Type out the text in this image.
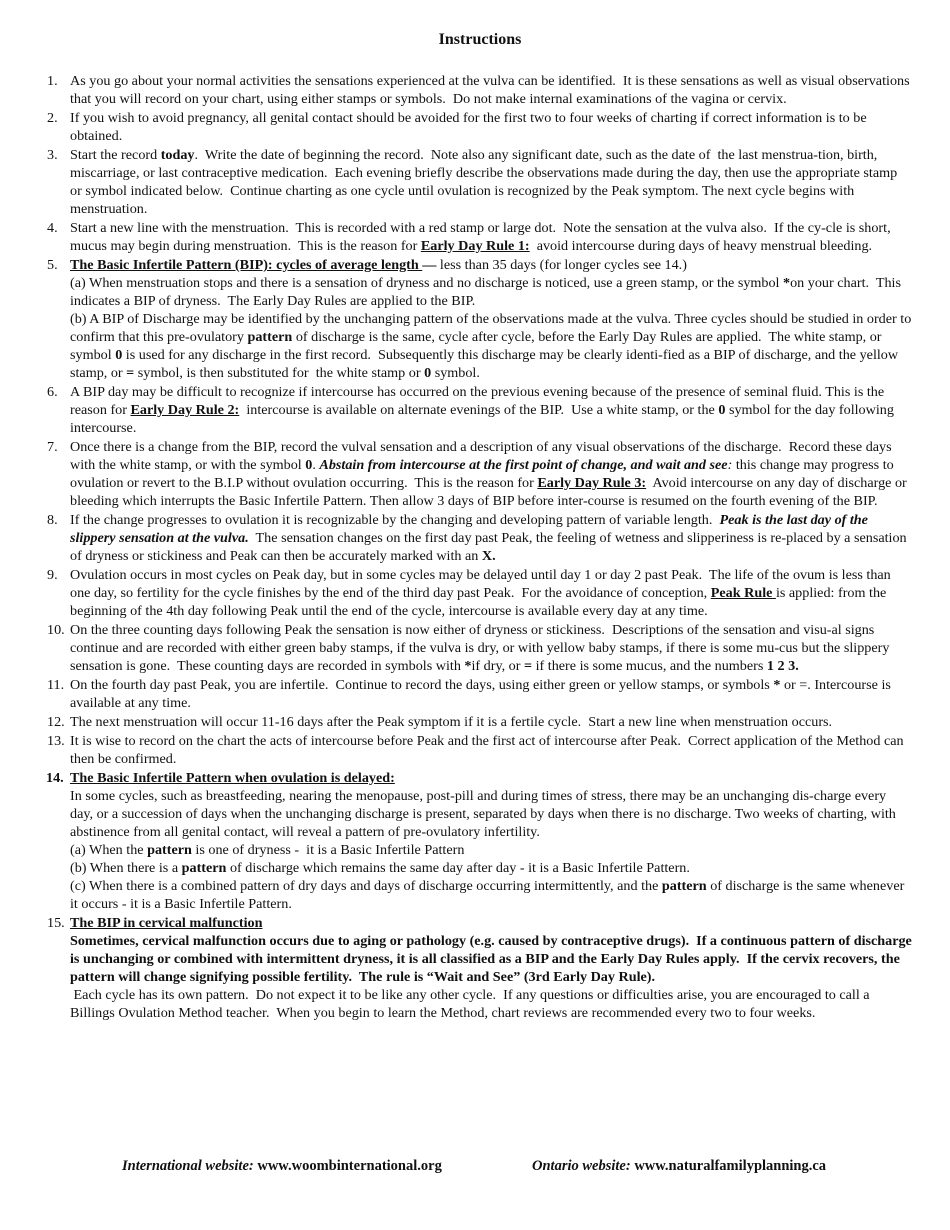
Instructions
1. As you go about your normal activities the sensations experienced at the vulva can be identified.  It is these sensations as well as visual observations that you will record on your chart, using either stamps or symbols.  Do not make internal examinations of the vagina or cervix.
2. If you wish to avoid pregnancy, all genital contact should be avoided for the first two to four weeks of charting if correct information is to be obtained.
3. Start the record today.  Write the date of beginning the record.  Note also any significant date, such as the date of  the last menstrua-tion, birth, miscarriage, or last contraceptive medication.  Each evening briefly describe the observations made during the day, then use the appropriate stamp or symbol indicated below.  Continue charting as one cycle until ovulation is recognized by the Peak symptom. The next cycle begins with menstruation.
4. Start a new line with the menstruation.  This is recorded with a red stamp or large dot.  Note the sensation at the vulva also.  If the cy-cle is short, mucus may begin during menstruation.  This is the reason for Early Day Rule 1:  avoid intercourse during days of heavy menstrual bleeding.
5. The Basic Infertile Pattern (BIP): cycles of average length — less than 35 days (for longer cycles see 14.)
(a) When menstruation stops and there is a sensation of dryness and no discharge is noticed, use a green stamp, or the symbol *on your chart.  This indicates a BIP of dryness.  The Early Day Rules are applied to the BIP.
(b) A BIP of Discharge may be identified by the unchanging pattern of the observations made at the vulva. Three cycles should be studied in order to confirm that this pre-ovulatory pattern of discharge is the same, cycle after cycle, before the Early Day Rules are applied.  The white stamp, or symbol 0 is used for any discharge in the first record.  Subsequently this discharge may be clearly identi-fied as a BIP of discharge, and the yellow stamp, or = symbol, is then substituted for  the white stamp or 0 symbol.
6. A BIP day may be difficult to recognize if intercourse has occurred on the previous evening because of the presence of seminal fluid. This is the reason for Early Day Rule 2:  intercourse is available on alternate evenings of the BIP.  Use a white stamp, or the 0 symbol for the day following intercourse.
7. Once there is a change from the BIP, record the vulval sensation and a description of any visual observations of the discharge.  Record these days with the white stamp, or with the symbol 0. Abstain from intercourse at the first point of change, and wait and see: this change may progress to ovulation or revert to the B.I.P without ovulation occurring.  This is the reason for Early Day Rule 3:  Avoid intercourse on any day of discharge or bleeding which interrupts the Basic Infertile Pattern. Then allow 3 days of BIP before inter-course is resumed on the fourth evening of the BIP.
8. If the change progresses to ovulation it is recognizable by the changing and developing pattern of variable length.  Peak is the last day of the slippery sensation at the vulva.  The sensation changes on the first day past Peak, the feeling of wetness and slipperiness is re-placed by a sensation of dryness or stickiness and Peak can then be accurately marked with an X.
9. Ovulation occurs in most cycles on Peak day, but in some cycles may be delayed until day 1 or day 2 past Peak.  The life of the ovum is less than one day, so fertility for the cycle finishes by the end of the third day past Peak.  For the avoidance of conception, Peak Rule is applied: from the beginning of the 4th day following Peak until the end of the cycle, intercourse is available every day at any time.
10. On the three counting days following Peak the sensation is now either of dryness or stickiness.  Descriptions of the sensation and visu-al signs continue and are recorded with either green baby stamps, if the vulva is dry, or with yellow baby stamps, if there is some mu-cus but the slippery sensation is gone.  These counting days are recorded in symbols with *if dry, or = if there is some mucus, and the numbers 1 2 3.
11. On the fourth day past Peak, you are infertile.  Continue to record the days, using either green or yellow stamps, or symbols * or =. Intercourse is available at any time.
12. The next menstruation will occur 11-16 days after the Peak symptom if it is a fertile cycle.  Start a new line when menstruation occurs.
13. It is wise to record on the chart the acts of intercourse before Peak and the first act of intercourse after Peak.  Correct application of the Method can then be confirmed.
14. The Basic Infertile Pattern when ovulation is delayed:
In some cycles, such as breastfeeding, nearing the menopause, post-pill and during times of stress, there may be an unchanging dis-charge every day, or a succession of days when the unchanging discharge is present, separated by days when there is no discharge. Two weeks of charting, with abstinence from all genital contact, will reveal a pattern of pre-ovulatory infertility.
(a) When the pattern is one of dryness -  it is a Basic Infertile Pattern
(b) When there is a pattern of discharge which remains the same day after day - it is a Basic Infertile Pattern.
(c) When there is a combined pattern of dry days and days of discharge occurring intermittently, and the pattern of discharge is the same whenever it occurs - it is a Basic Infertile Pattern.
15. The BIP in cervical malfunction
Sometimes, cervical malfunction occurs due to aging or pathology (e.g. caused by contraceptive drugs).  If a continuous pattern of discharge is unchanging or combined with intermittent dryness, it is all classified as a BIP and the Early Day Rules apply.  If the cervix recovers, the pattern will change signifying possible fertility.  The rule is “Wait and See” (3rd Early Day Rule).
Each cycle has its own pattern.  Do not expect it to be like any other cycle.  If any questions or difficulties arise, you are encouraged to call a Billings Ovulation Method teacher.  When you begin to learn the Method, chart reviews are recommended every two to four weeks.
International website: www.woombinternational.org	Ontario website: www.naturalfamilyplanning.ca
